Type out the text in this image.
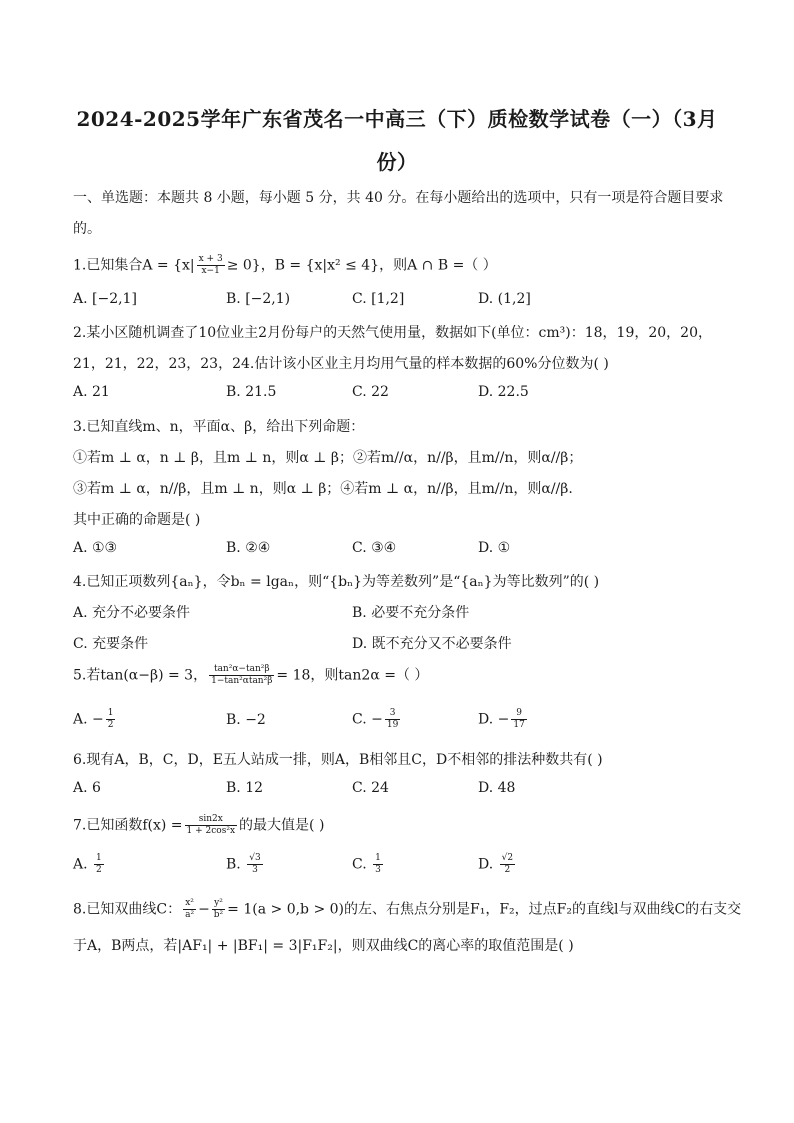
2024-2025学年广东省茂名一中高三（下）质检数学试卷（一）（3月
份）
一、单选题：本题共 8 小题，每小题 5 分，共 40 分。在每小题给出的选项中，只有一项是符合题目要求
的。
1.已知集合$A = \{x| \frac{x + 3}{x-1} \ge 0\}$，B = {x|x² ≤ 4}，则A ∩ B =（ ）
A. [−2,1]	B. [−2,1)	C. [1,2]	D. (1,2]
2.某小区随机调查了10位业主2月份每户的天然气使用量，数据如下(单位：cm³)：18，19，20，20，
21，21，22，23，23，24.估计该小区业主月均用气量的样本数据的60%分位数为( )
A. 21	B. 21.5	C. 22	D. 22.5
3.已知直线m、n，平面α、β，给出下列命题：
①若m ⊥ α，n ⊥ β，且m ⊥ n，则α ⊥ β；②若m//α，n//β，且m//n，则α//β；
③若m ⊥ α，n//β，且m ⊥ n，则α ⊥ β；④若m ⊥ α，n//β，且m//n，则α//β.
其中正确的命题是( )
A. ①③	B. ②④	C. ③④	D. ①
4.已知正项数列{aₙ}，令bₙ = lgaₙ，则“{bₙ}为等差数列”是“{aₙ}为等比数列”的( )
A. 充分不必要条件	B. 必要不充分条件
C. 充要条件	D. 既不充分又不必要条件
5.若tan(α−β) = 3， $\frac{\text{tan²α−tan²β}}{\text{1−tan²αtan²β}} = 18$，则tan2α =（ ）
A. − $\frac{1}{2}$	B. −2	C. − $\frac{3}{19}$	D. − $\frac{9}{17}$
6.现有A，B，C，D，E五人站成一排，则A，B相邻且C，D不相邻的排法种数共有( )
A. 6	B. 12	C. 24	D. 48
7.已知函数$f(x) = \frac{\sin 2x}{\text{1 + 2cos²x}}$ 的最大值是( )
A. $\frac{1}{2}$	B. $\frac{√3}{3}$	C. $\frac{1}{3}$	D. $\frac{√2}{2}$
8.已知双曲线C： $\frac{\text{x²}}{\text{a²}} - \frac{\text{y²}}{\text{b²}} = 1(a > 0,b > 0)$的左、右焦点分别是F₁，F₂，过点F₂的直线l与双曲线C的右支交
于A，B两点，若|AF₁| + |BF₁| = 3|F₁F₂|，则双曲线C的离心率的取值范围是( )
